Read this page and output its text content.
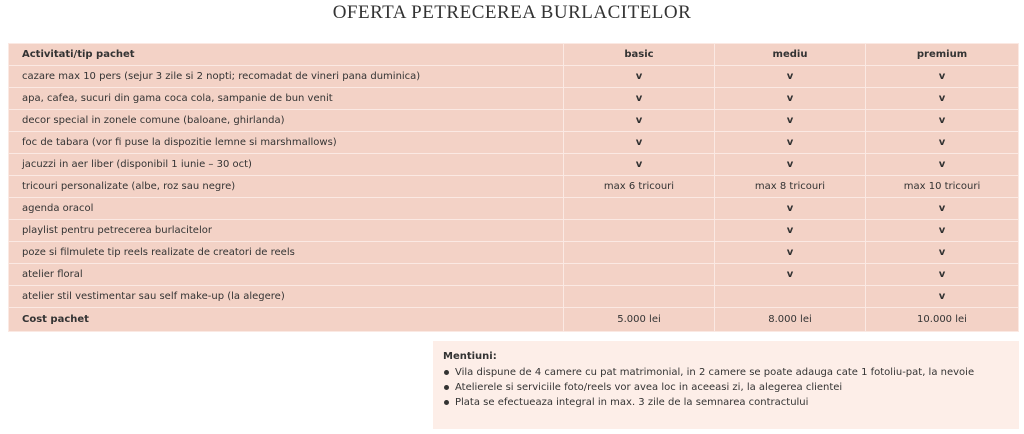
OFERTA PETRECEREA BURLACITELOR
Activitati/tip pachet	basic	mediu	premium
cazare max 10 pers (sejur 3 zile si 2 nopti; recomadat de vineri pana duminica)	v	v	v
apa, cafea, sucuri din gama coca cola, sampanie de bun venit	v	v	v
decor special in zonele comune (baloane, ghirlanda)	v	v	v
foc de tabara (vor fi puse la dispozitie lemne si marshmallows)	v	v	v
jacuzzi in aer liber (disponibil 1 iunie – 30 oct)	v	v	v
tricouri personalizate (albe, roz sau negre)	max 6 tricouri	max 8 tricouri	max 10 tricouri
agenda oracol		v	v
playlist pentru petrecerea burlacitelor		v	v
poze si filmulete tip reels realizate de creatori de reels		v	v
atelier floral		v	v
atelier stil vestimentar sau self make-up (la alegere)			v
Cost pachet	5.000 lei	8.000 lei	10.000 lei
Mentiuni:
Vila dispune de 4 camere cu pat matrimonial, in 2 camere se poate adauga cate 1 fotoliu-pat, la nevoie
Atelierele si serviciile foto/reels vor avea loc in aceeasi zi, la alegerea clientei
Plata se efectueaza integral in max. 3 zile de la semnarea contractului
